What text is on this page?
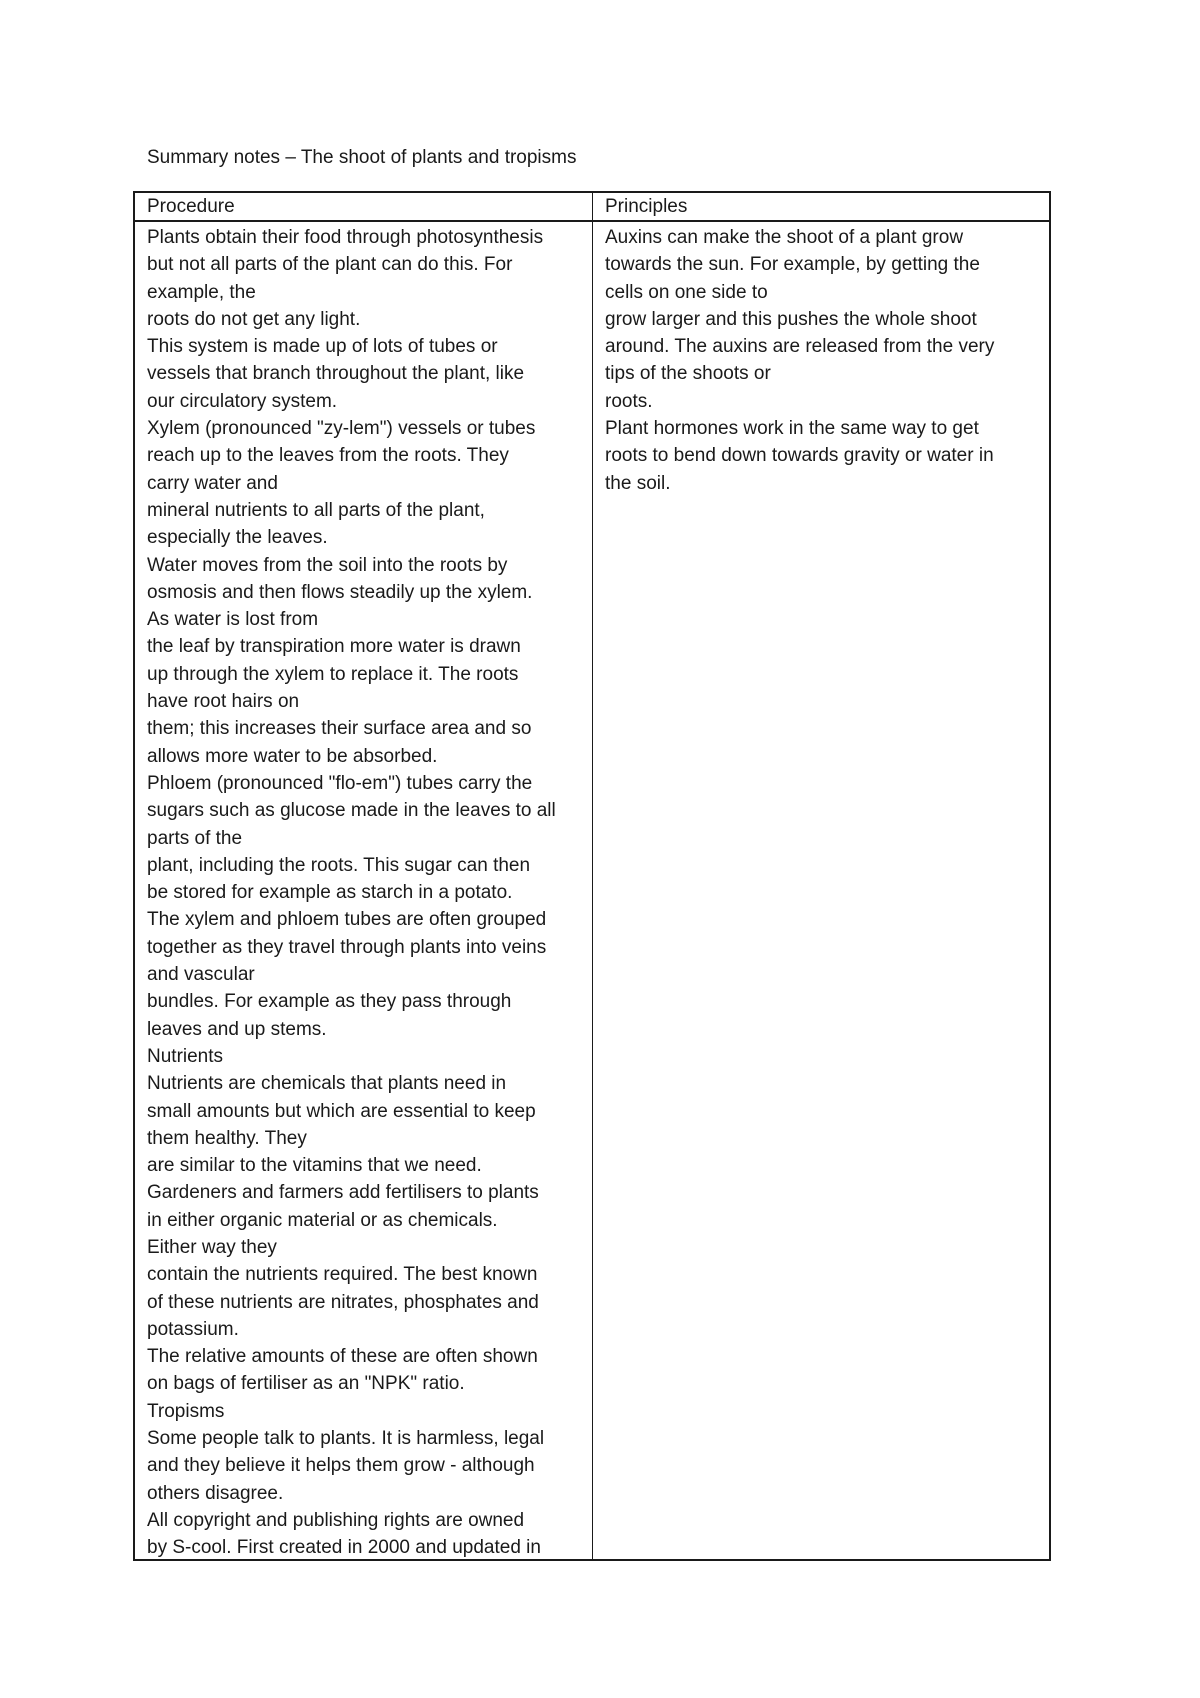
Summary notes – The shoot of plants and tropisms
Procedure	Principles
Plants obtain their food through photosynthesis
but not all parts of the plant can do this. For
example, the
roots do not get any light.
This system is made up of lots of tubes or
vessels that branch throughout the plant, like
our circulatory system.
Xylem (pronounced "zy-lem") vessels or tubes
reach up to the leaves from the roots. They
carry water and
mineral nutrients to all parts of the plant,
especially the leaves.
Water moves from the soil into the roots by
osmosis and then flows steadily up the xylem.
As water is lost from
the leaf by transpiration more water is drawn
up through the xylem to replace it. The roots
have root hairs on
them; this increases their surface area and so
allows more water to be absorbed.
Phloem (pronounced "flo-em") tubes carry the
sugars such as glucose made in the leaves to all
parts of the
plant, including the roots. This sugar can then
be stored for example as starch in a potato.
The xylem and phloem tubes are often grouped
together as they travel through plants into veins
and vascular
bundles. For example as they pass through
leaves and up stems.
Nutrients
Nutrients are chemicals that plants need in
small amounts but which are essential to keep
them healthy. They
are similar to the vitamins that we need.
Gardeners and farmers add fertilisers to plants
in either organic material or as chemicals.
Either way they
contain the nutrients required. The best known
of these nutrients are nitrates, phosphates and
potassium.
The relative amounts of these are often shown
on bags of fertiliser as an "NPK" ratio.
Tropisms
Some people talk to plants. It is harmless, legal
and they believe it helps them grow - although
others disagree.
All copyright and publishing rights are owned
by S-cool. First created in 2000 and updated in
Auxins can make the shoot of a plant grow
towards the sun. For example, by getting the
cells on one side to
grow larger and this pushes the whole shoot
around. The auxins are released from the very
tips of the shoots or
roots.
Plant hormones work in the same way to get
roots to bend down towards gravity or water in
the soil.
